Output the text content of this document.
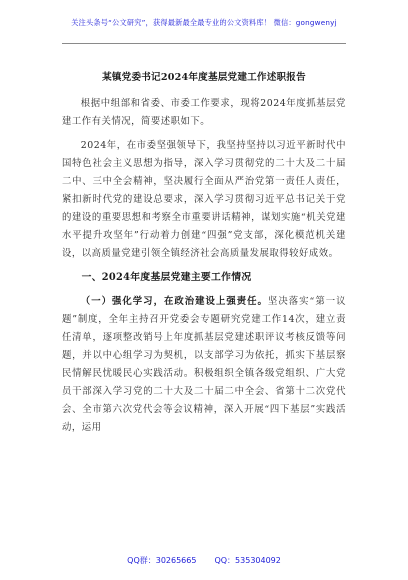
关注头条号“公文研究”，获得最新最全最专业的公文资料库！ 微信：gongwenyj
某镇党委书记2024年度基层党建工作述职报告

根据中组部和省委、市委工作要求，现将2024年度抓基层党建工作有关情况，简要述职如下。

2024年，在市委坚强领导下，我坚持坚持以习近平新时代中国特色社会主义思想为指导，深入学习贯彻党的二十大及二十届二中、三中全会精神，坚决履行全面从严治党第一责任人责任，紧扣新时代党的建设总要求，深入学习贯彻习近平总书记关于党的建设的重要思想和考察全市重要讲话精神，谋划实施“机关党建水平提升攻坚年”行动着力创建“四强”党支部，深化模范机关建设，以高质量党建引领全镇经济社会高质量发展取得较好成效。

一、2024年度基层党建主要工作情况

（一）强化学习，在政治建设上强责任。坚决落实“第一议题”制度，全年主持召开党委会专题研究党建工作14次，建立责任清单，逐项整改销号上年度抓基层党建述职评议考核反馈等问题，并以中心组学习为契机，以支部学习为依托，抓实下基层察民情解民忧暖民心实践活动。积极组织全镇各级党组织、广大党员干部深入学习党的二十大及二十届二中全会、省第十二次党代会、全市第六次党代会等会议精神，深入开展“四下基层”实践活动，运用

QQ群：30265665 QQ：535304092
